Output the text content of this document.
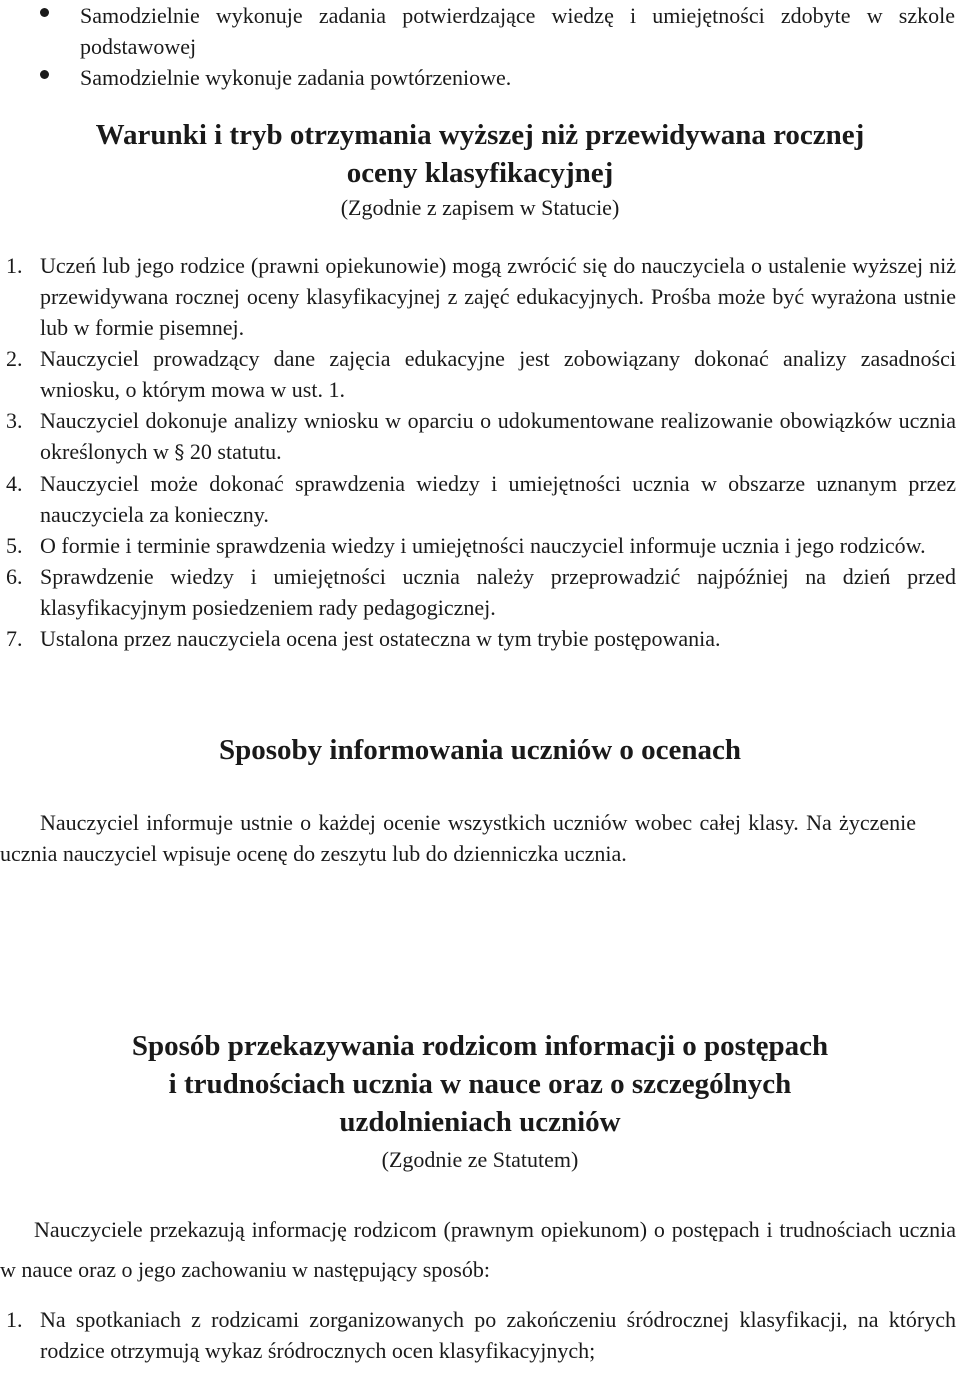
Samodzielnie wykonuje zadania potwierdzające wiedzę i umiejętności zdobyte w szkole podstawowej
Samodzielnie wykonuje zadania powtórzeniowe.
Warunki i tryb otrzymania wyższej niż przewidywana rocznej
oceny klasyfikacyjnej
(Zgodnie z zapisem w Statucie)
1. Uczeń lub jego rodzice (prawni opiekunowie) mogą zwrócić się do nauczyciela o ustalenie wyższej niż przewidywana rocznej oceny klasyfikacyjnej z zajęć edukacyjnych. Prośba może być wyrażona ustnie lub w formie pisemnej.
2. Nauczyciel prowadzący dane zajęcia edukacyjne jest zobowiązany dokonać analizy zasadności wniosku, o którym mowa w ust. 1.
3. Nauczyciel dokonuje analizy wniosku w oparciu o udokumentowane realizowanie obowiązków ucznia określonych w § 20 statutu.
4. Nauczyciel może dokonać sprawdzenia wiedzy i umiejętności ucznia w obszarze uznanym przez nauczyciela za konieczny.
5. O formie i terminie sprawdzenia wiedzy i umiejętności nauczyciel informuje ucznia i jego rodziców.
6. Sprawdzenie wiedzy i umiejętności ucznia należy przeprowadzić najpóźniej na dzień przed klasyfikacyjnym posiedzeniem rady pedagogicznej.
7. Ustalona przez nauczyciela ocena jest ostateczna w tym trybie postępowania.
Sposoby informowania uczniów o ocenach
Nauczyciel informuje ustnie o każdej ocenie wszystkich uczniów wobec całej klasy. Na życzenie ucznia nauczyciel wpisuje ocenę do zeszytu lub do dzienniczka ucznia.
Sposób przekazywania rodzicom informacji o postępach
i trudnościach ucznia w nauce oraz o szczególnych
uzdolnieniach uczniów
(Zgodnie ze Statutem)
Nauczyciele przekazują informację rodzicom (prawnym opiekunom) o postępach i trudnościach ucznia w nauce oraz o jego zachowaniu w następujący sposób:
1. Na spotkaniach z rodzicami zorganizowanych po zakończeniu śródrocznej klasyfikacji, na których rodzice otrzymują wykaz śródrocznych ocen klasyfikacyjnych;
